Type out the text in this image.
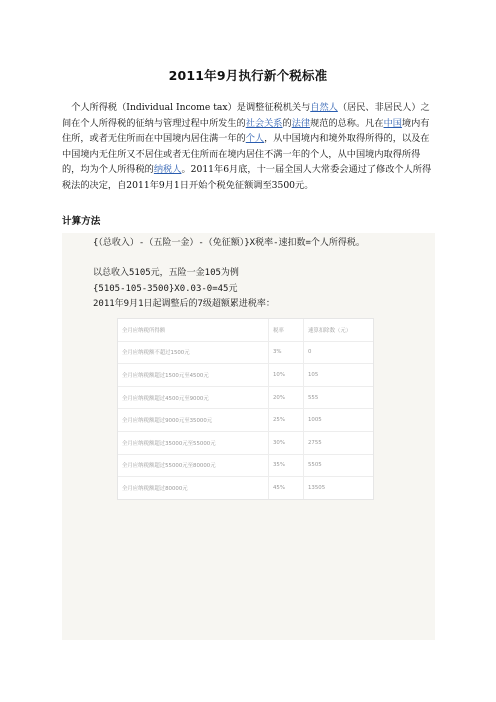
2011年9月执行新个税标准

个人所得税（Individual Income tax）是调整征税机关与自然人（居民、非居民人）之间在个人所得税的征纳与管理过程中所发生的社会关系的法律规范的总称。凡在中国境内有住所，或者无住所而在中国境内居住满一年的个人，从中国境内和境外取得所得的，以及在中国境内无住所又不居住或者无住所而在境内居住不满一年的个人，从中国境内取得所得的，均为个人所得税的纳税人。2011年6月底，十一届全国人大常委会通过了修改个人所得税法的决定，自2011年9月1日开始个税免征额调至3500元。

计算方法
{（总收入）-（五险一金）-（免征额）}X税率-速扣数=个人所得税。
以总收入5105元，五险一金105为例
{5105-105-3500}X0.03-0=45元
2011年9月1日起调整后的7级超额累进税率：
全月应纳税所得额	税率	速算扣除数（元）
全月应纳税额不超过1500元	3%	0
全月应纳税额超过1500元至4500元	10%	105
全月应纳税额超过4500元至9000元	20%	555
全月应纳税额超过9000元至35000元	25%	1005
全月应纳税额超过35000元至55000元	30%	2755
全月应纳税额超过55000元至80000元	35%	5505
全月应纳税额超过80000元	45%	13505
